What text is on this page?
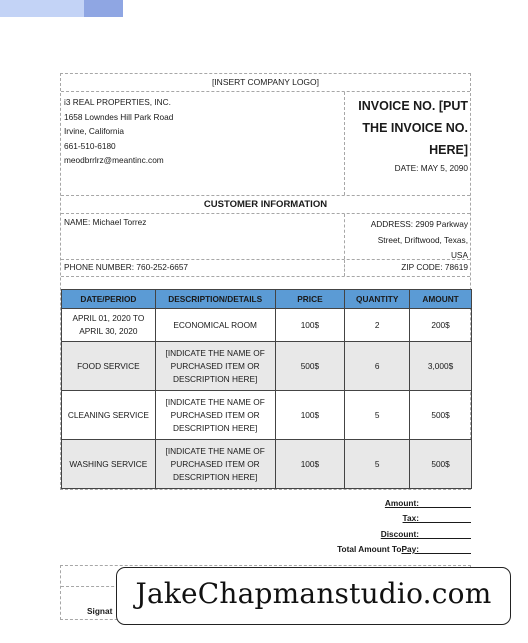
[INSERT COMPANY LOGO]
i3 REAL PROPERTIES, INC.
1658 Lowndes Hill Park Road
Irvine, California
661-510-6180
meodbrrlrz@meantinc.com
INVOICE NO. [PUT
THE INVOICE NO.
HERE]
DATE: MAY 5, 2090
CUSTOMER INFORMATION
NAME: Michael Torrez	ADDRESS: 2909 Parkway
Street, Driftwood, Texas,
USA
PHONE NUMBER: 760-252-6657	ZIP CODE: 78619
DATE/PERIOD	DESCRIPTION/DETAILS	PRICE	QUANTITY	AMOUNT

APRIL 01, 2020 TO
APRIL 30, 2020	ECONOMICAL ROOM	100$	2	200$
FOOD SERVICE	[INDICATE THE NAME OF
PURCHASED ITEM OR
DESCRIPTION HERE]	500$	6	3,000$
CLEANING SERVICE	[INDICATE THE NAME OF
PURCHASED ITEM OR
DESCRIPTION HERE]	100$	5	500$
WASHING SERVICE	[INDICATE THE NAME OF
PURCHASED ITEM OR
DESCRIPTION HERE]	100$	5	500$
Amount:
Tax:
Discount:
Total Amount To Pay:
Signat
JakeChapmanstudio.com
